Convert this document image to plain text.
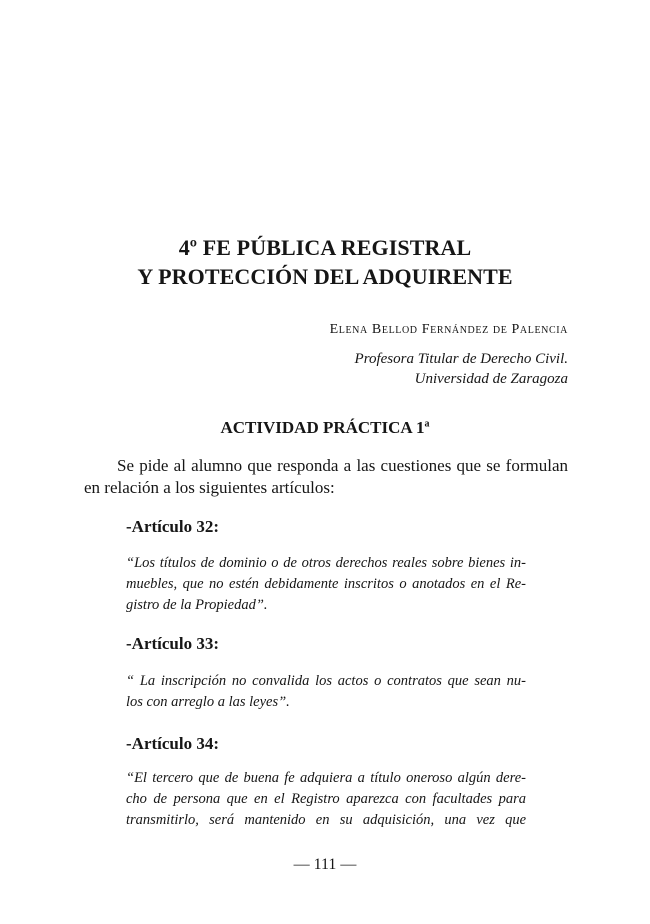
4º FE PÚBLICA REGISTRAL
Y PROTECCIÓN DEL ADQUIRENTE
Elena Bellod Fernández de Palencia
Profesora Titular de Derecho Civil.
Universidad de Zaragoza
ACTIVIDAD PRÁCTICA 1$^a$
Se pide al alumno que responda a las cuestiones que se formulan
en relación a los siguientes artículos:
-Artículo 32:
“Los títulos de dominio o de otros derechos reales sobre bienes in-
muebles, que no estén debidamente inscritos o anotados en el Re-
gistro de la Propiedad”.
-Artículo 33:
“ La inscripción no convalida los actos o contratos que sean nu-
los con arreglo a las leyes”.
-Artículo 34:
“El tercero que de buena fe adquiera a título oneroso algún dere-
cho de persona que en el Registro aparezca con facultades para
transmitirlo, será mantenido en su adquisición, una vez que
— 111 —
